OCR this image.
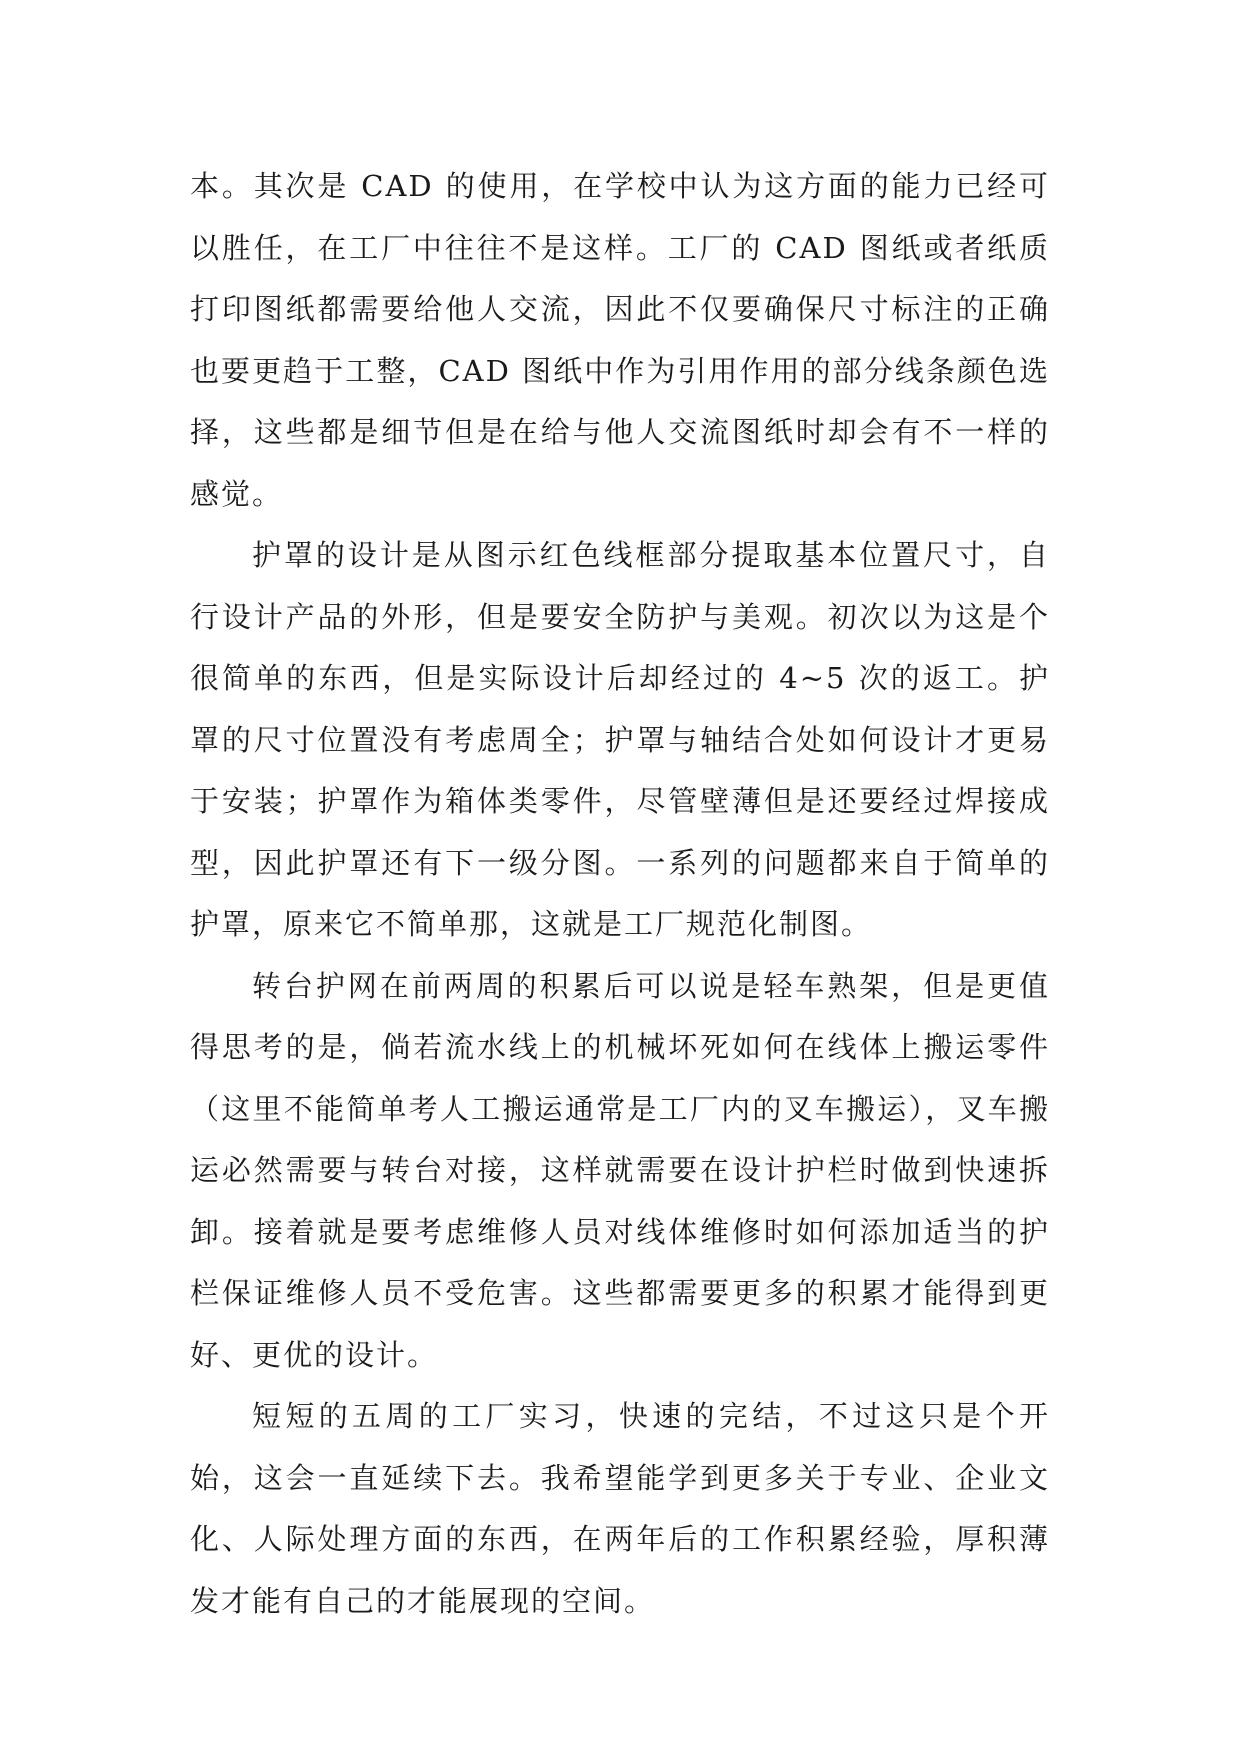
本。其次是 CAD 的使用，在学校中认为这方面的能力已经可以胜任，在工厂中往往不是这样。工厂的 CAD 图纸或者纸质打印图纸都需要给他人交流，因此不仅要确保尺寸标注的正确也要更趋于工整，CAD 图纸中作为引用作用的部分线条颜色选择，这些都是细节但是在给与他人交流图纸时却会有不一样的感觉。

护罩的设计是从图示红色线框部分提取基本位置尺寸，自行设计产品的外形，但是要安全防护与美观。初次以为这是个很简单的东西，但是实际设计后却经过的 4~5 次的返工。护罩的尺寸位置没有考虑周全；护罩与轴结合处如何设计才更易于安装；护罩作为箱体类零件，尽管壁薄但是还要经过焊接成型，因此护罩还有下一级分图。一系列的问题都来自于简单的护罩，原来它不简单那，这就是工厂规范化制图。

转台护网在前两周的积累后可以说是轻车熟架，但是更值得思考的是，倘若流水线上的机械坏死如何在线体上搬运零件（这里不能简单考人工搬运通常是工厂内的叉车搬运），叉车搬运必然需要与转台对接，这样就需要在设计护栏时做到快速拆卸。接着就是要考虑维修人员对线体维修时如何添加适当的护栏保证维修人员不受危害。这些都需要更多的积累才能得到更好、更优的设计。

短短的五周的工厂实习，快速的完结，不过这只是个开始，这会一直延续下去。我希望能学到更多关于专业、企业文化、人际处理方面的东西，在两年后的工作积累经验，厚积薄发才能有自己的才能展现的空间。
